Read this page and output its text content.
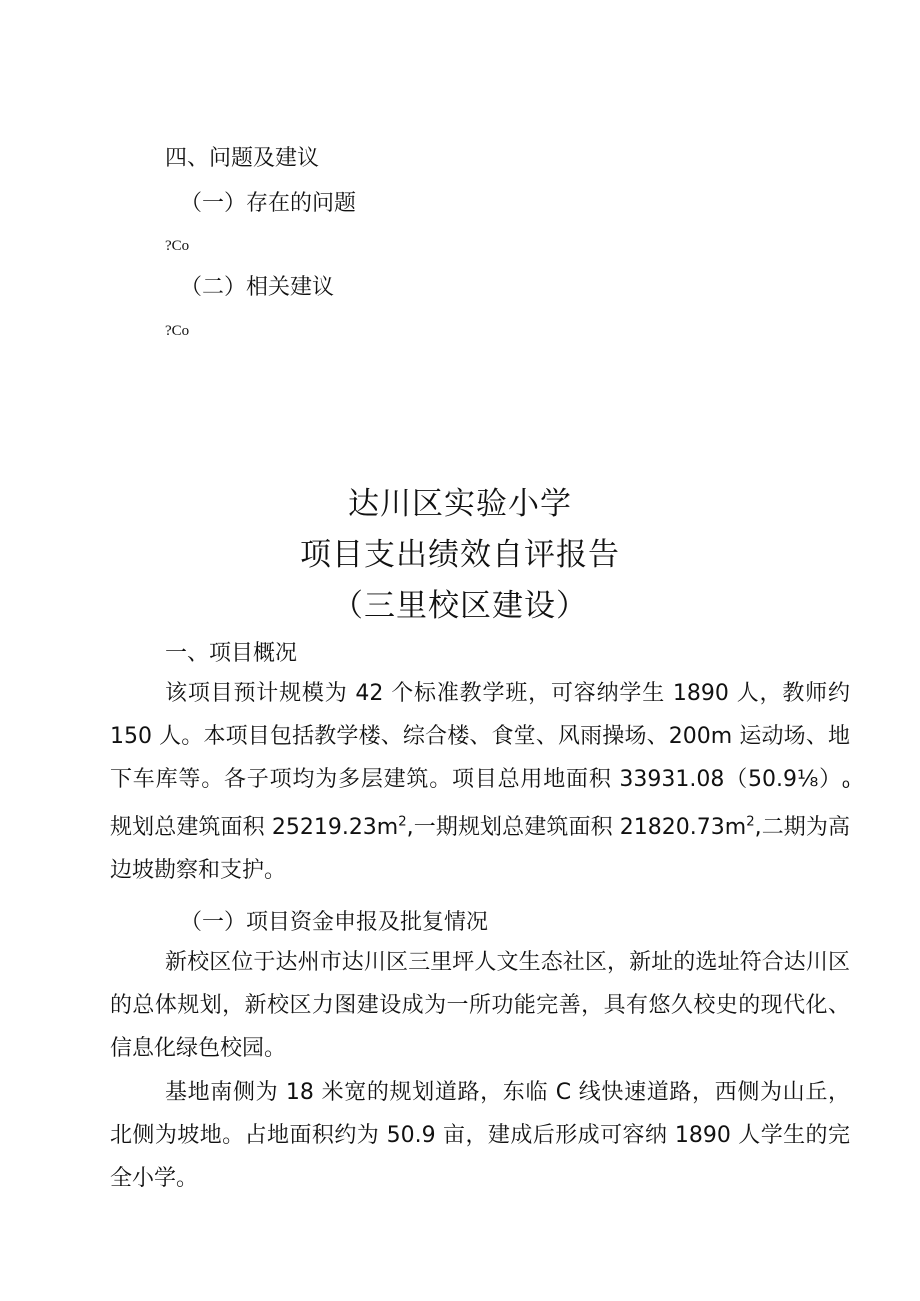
四、问题及建议
（一）存在的问题
?Co
（二）相关建议
?Co
达川区实验小学
项目支出绩效自评报告
（三里校区建设）
一、项目概况

该项目预计规模为 42 个标准教学班，可容纳学生 1890 人，教师约 150 人。本项目包括教学楼、综合楼、食堂、风雨操场、200m 运动场、地下车库等。各子项均为多层建筑。项目总用地面积 33931.08（50.9⅛）o规划总建筑面积 $25219.23m^2$,一期规划总建筑面积 $21820.73m^2$,二期为高边坡勘察和支护。

（一）项目资金申报及批复情况

新校区位于达州市达川区三里坪人文生态社区，新址的选址符合达川区的总体规划，新校区力图建设成为一所功能完善，具有悠久校史的现代化、信息化绿色校园。

基地南侧为 18 米宽的规划道路，东临 C 线快速道路，西侧为山丘，北侧为坡地。占地面积约为 50.9 亩，建成后形成可容纳 1890 人学生的完全小学。
